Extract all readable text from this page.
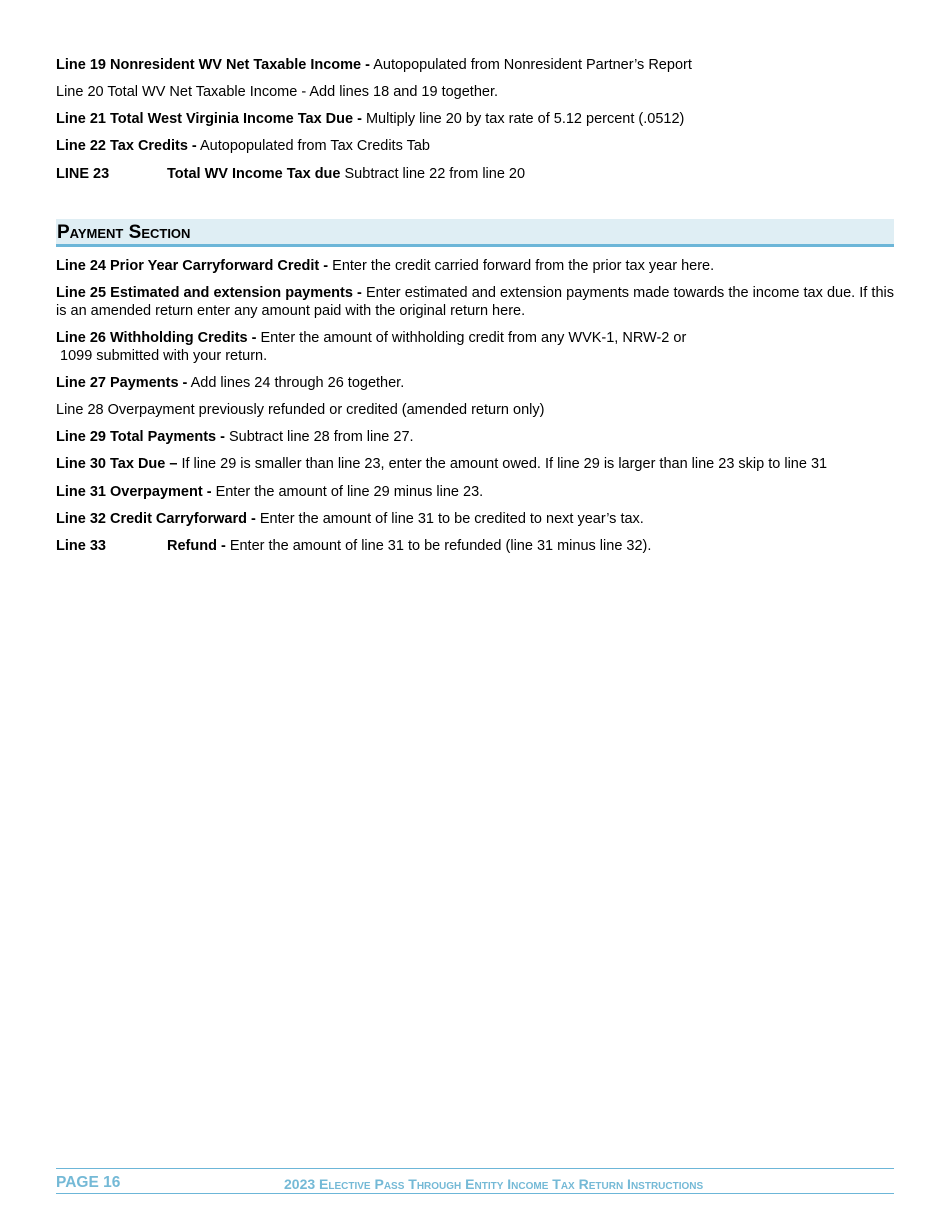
Line 19 Nonresident WV Net Taxable Income - Autopopulated from Nonresident Partner’s Report
Line 20 Total WV Net Taxable Income - Add lines 18 and 19 together.
Line 21 Total West Virginia Income Tax Due - Multiply line 20 by tax rate of 5.12 percent (.0512)
Line 22 Tax Credits - Autopopulated from Tax Credits Tab
LINE 23	Total WV Income Tax due Subtract line 22 from line 20
Payment Section
Line 24 Prior Year Carryforward Credit - Enter the credit carried forward from the prior tax year here.
Line 25 Estimated and extension payments - Enter estimated and extension payments made towards the income tax due. If this is an amended return enter any amount paid with the original return here.
Line 26 Withholding Credits - Enter the amount of withholding credit from any WVK-1, NRW-2 or
1099 submitted with your return.
Line 27 Payments - Add lines 24 through 26 together.
Line 28 Overpayment previously refunded or credited (amended return only)
Line 29 Total Payments - Subtract line 28 from line 27.
Line 30 Tax Due – If line 29 is smaller than line 23, enter the amount owed. If line 29 is larger than line 23 skip to line 31
Line 31 Overpayment - Enter the amount of line 29 minus line 23.
Line 32 Credit Carryforward - Enter the amount of line 31 to be credited to next year’s tax.
Line 33	Refund - Enter the amount of line 31 to be refunded (line 31 minus line 32).
PAGE 16	2023 Elective Pass Through Entity Income Tax Return Instructions
